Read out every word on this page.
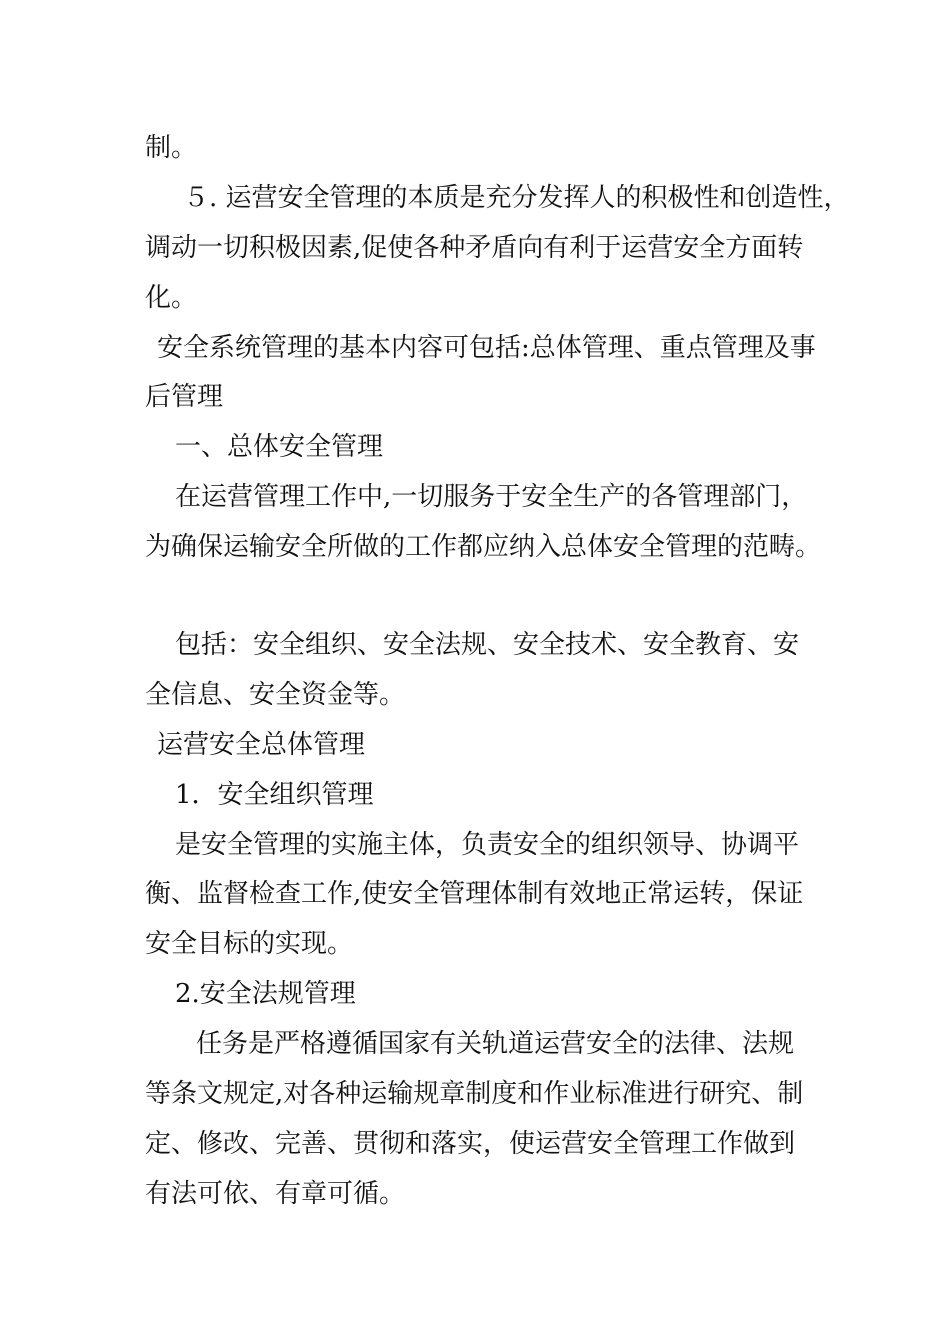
制。
５. 运营安全管理的本质是充分发挥人的积极性和创造性，
调动一切积极因素,促使各种矛盾向有利于运营安全方面转
化。
安全系统管理的基本内容可包括:总体管理、重点管理及事
后管理
一、总体安全管理
在运营管理工作中,一切服务于安全生产的各管理部门，
为确保运输安全所做的工作都应纳入总体安全管理的范畴。
包括：安全组织、安全法规、安全技术、安全教育、安
全信息、安全资金等。
运营安全总体管理
1．安全组织管理
是安全管理的实施主体，负责安全的组织领导、协调平
衡、监督检查工作,使安全管理体制有效地正常运转，保证
安全目标的实现。
2.安全法规管理
任务是严格遵循国家有关轨道运营安全的法律、法规
等条文规定,对各种运输规章制度和作业标准进行研究、制
定、修改、完善、贯彻和落实，使运营安全管理工作做到
有法可依、有章可循。
